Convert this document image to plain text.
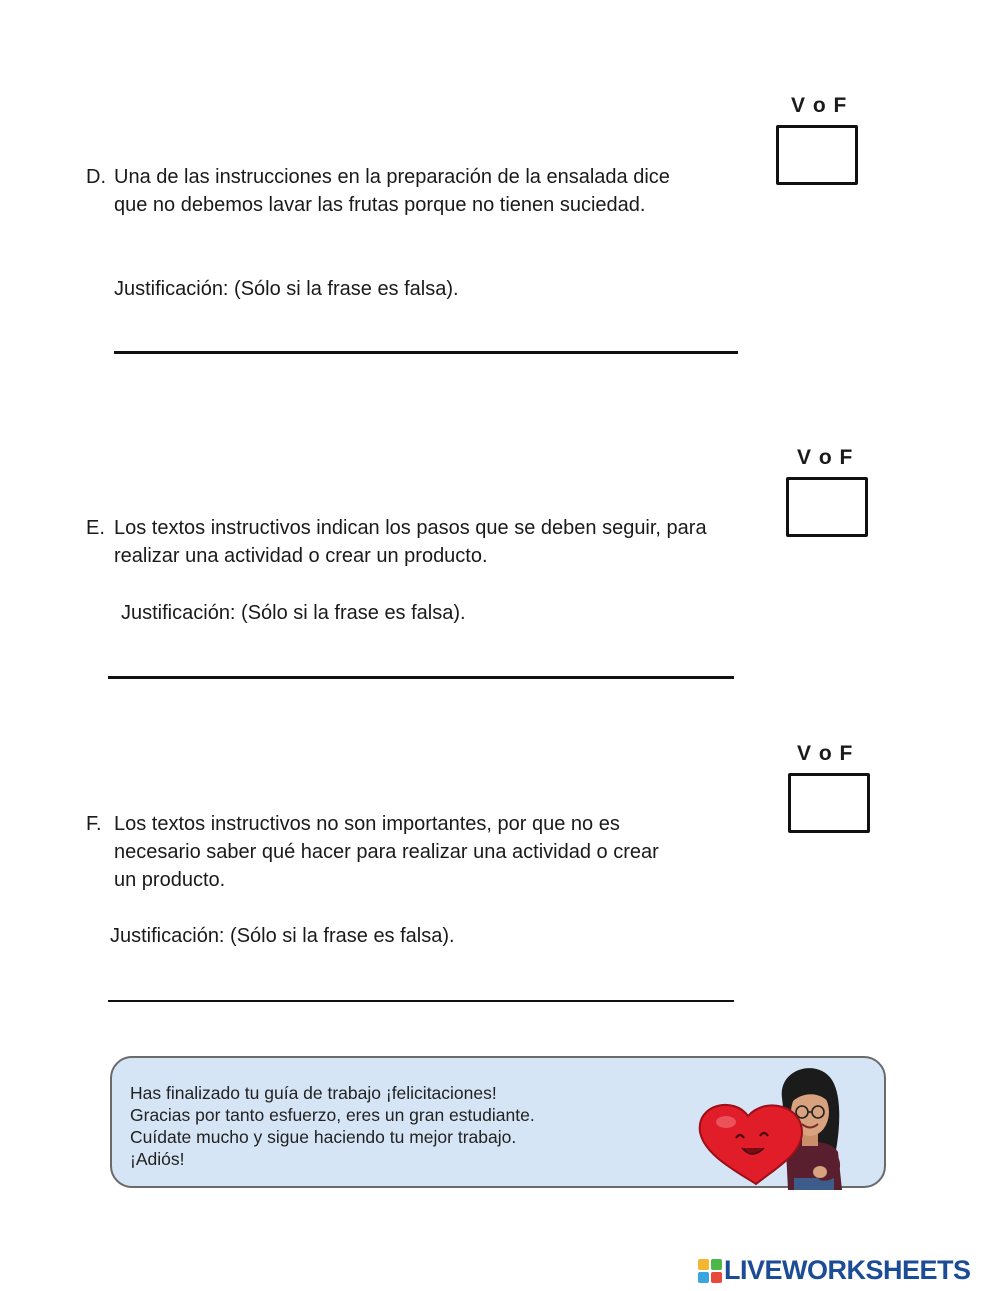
V o F
D. Una de las instrucciones en la preparación de la ensalada dice
que no debemos lavar las frutas porque no tienen suciedad.
Justificación: (Sólo si la frase es falsa).
V o F
E. Los textos instructivos indican los pasos que se deben seguir, para
realizar una actividad o crear un producto.
Justificación: (Sólo si la frase es falsa).
V o F
F. Los textos instructivos no son importantes, por que no es
necesario saber qué hacer para realizar una actividad o crear
un producto.
Justificación: (Sólo si la frase es falsa).
Has finalizado tu guía de trabajo ¡felicitaciones!
Gracias por tanto esfuerzo, eres un gran estudiante.
Cuídate mucho y sigue haciendo tu mejor trabajo.
¡Adiós!
LIVEWORKSHEETS
